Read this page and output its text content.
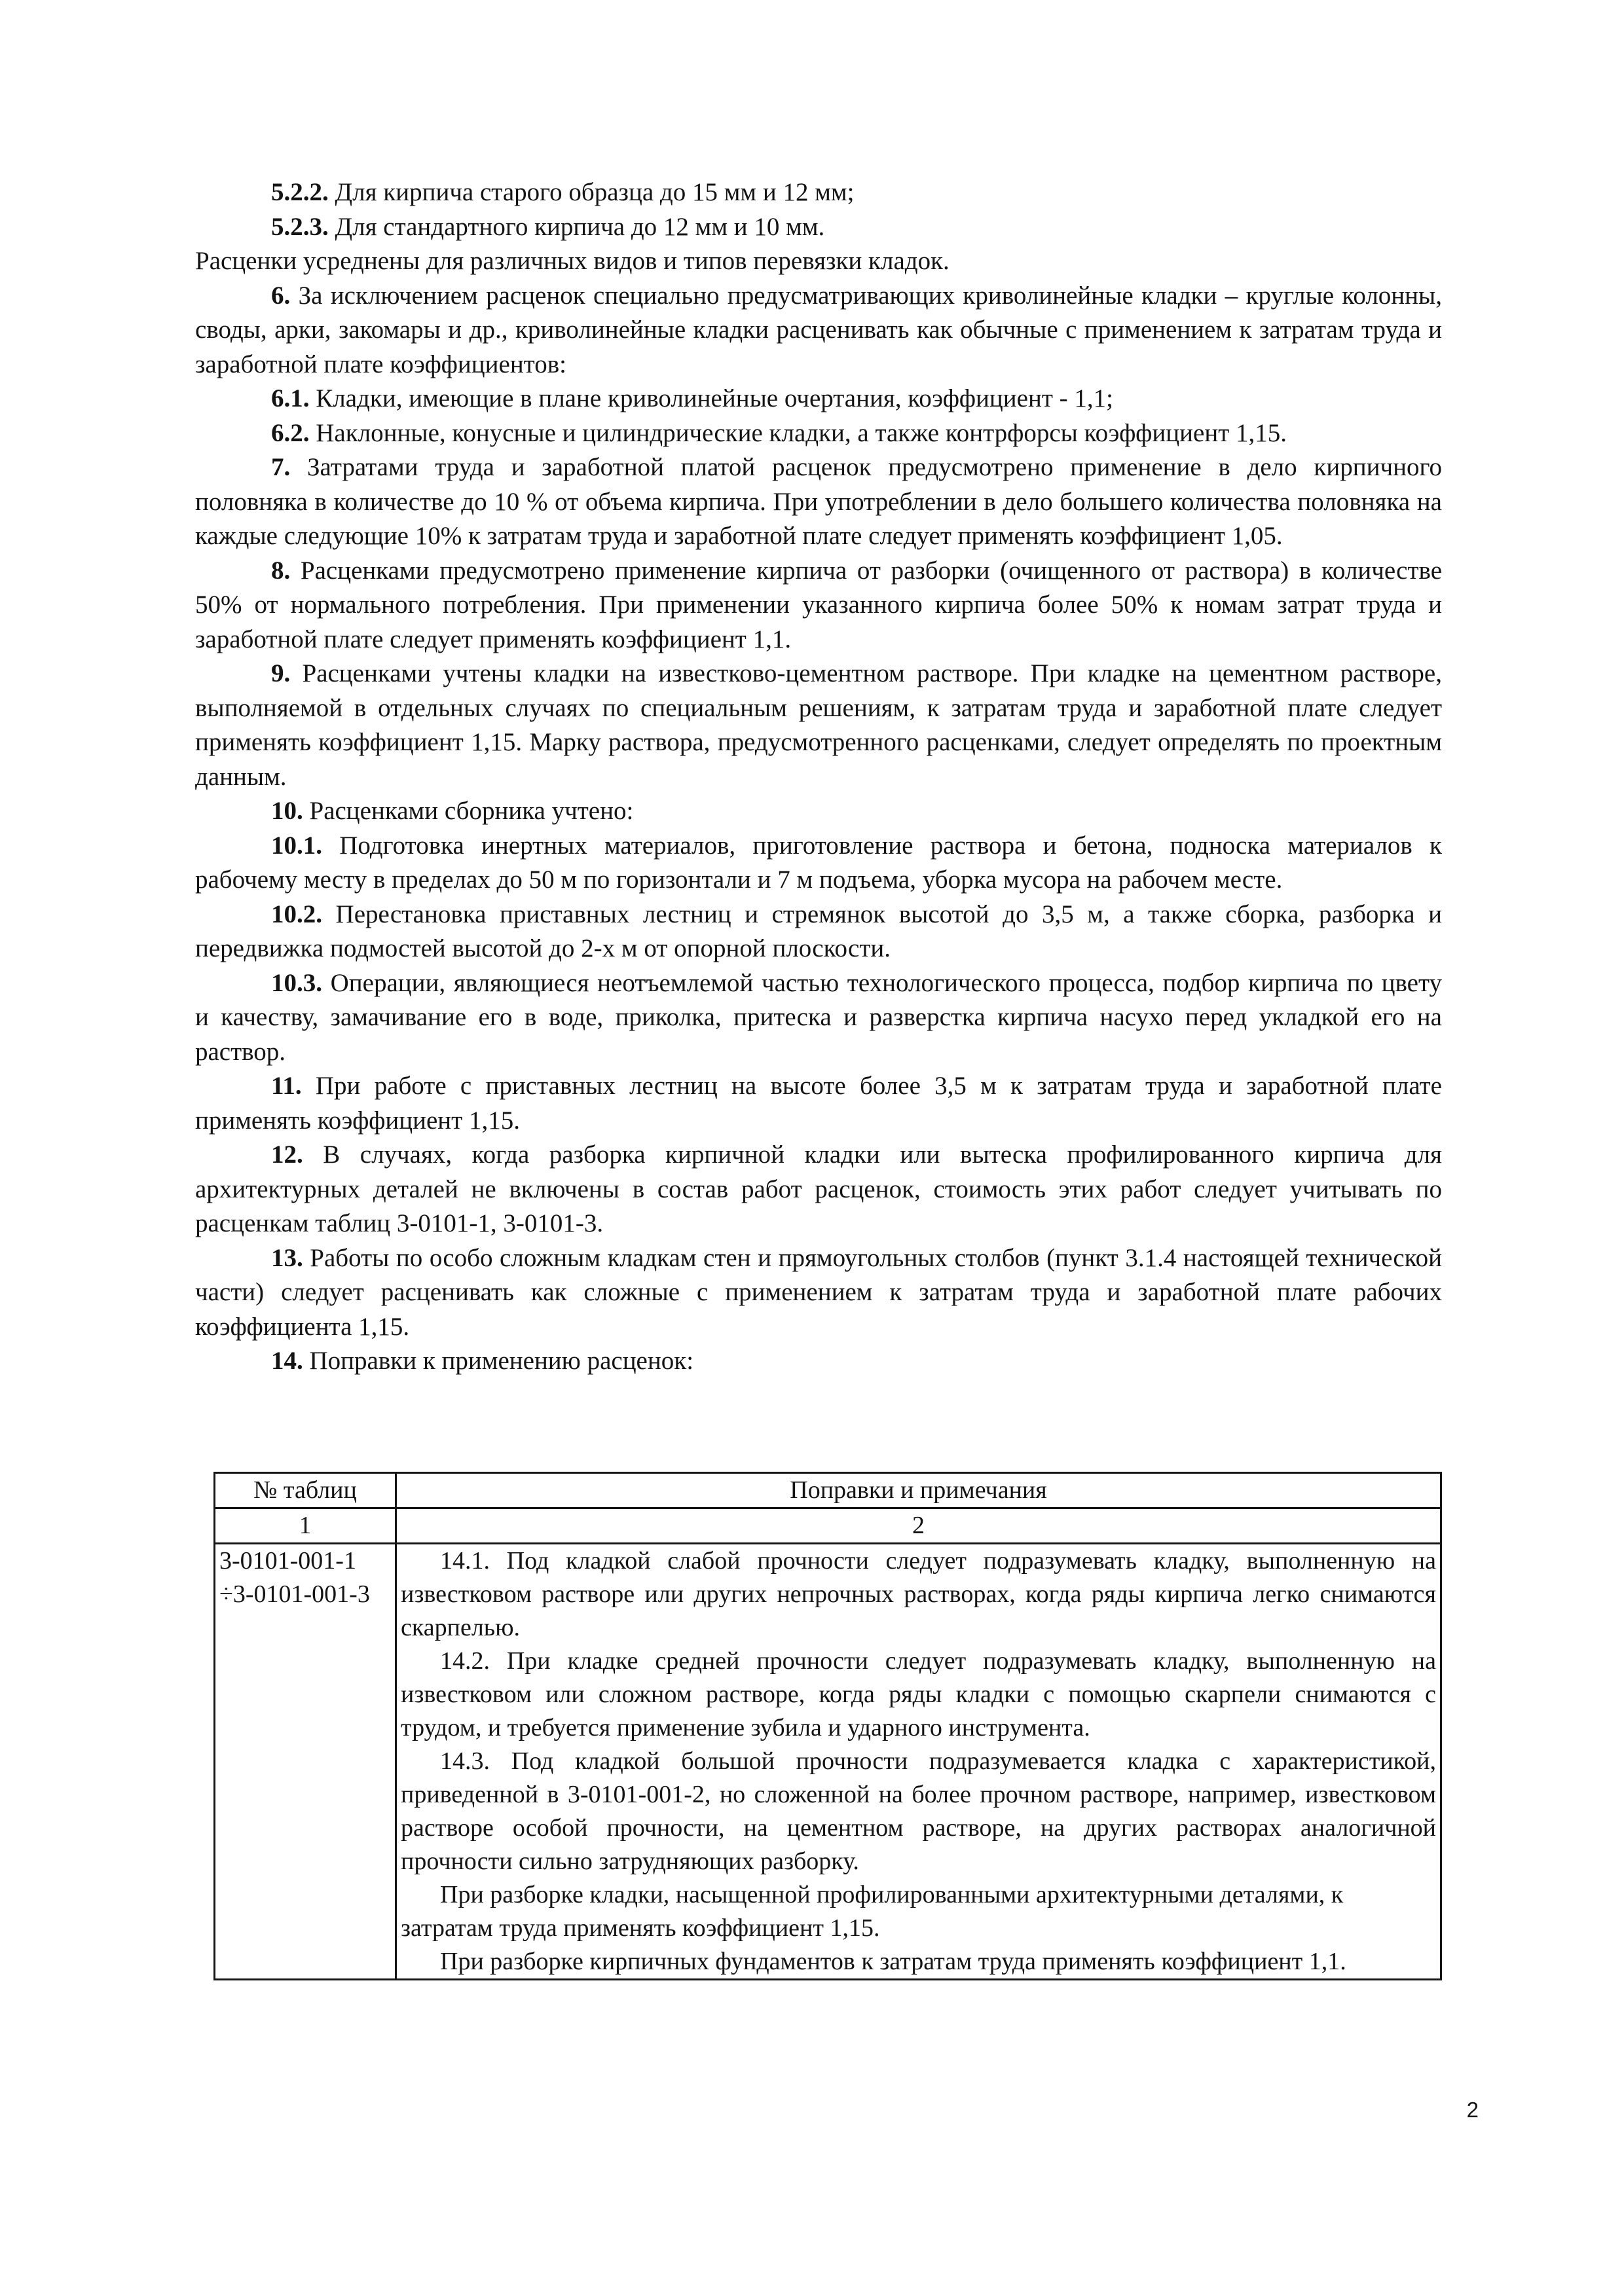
5.2.2. Для кирпича старого образца до 15 мм и 12 мм;

5.2.3. Для стандартного кирпича до 12 мм и 10 мм.

Расценки усреднены для различных видов и типов перевязки кладок.

6. За исключением расценок специально предусматривающих криволинейные кладки – круглые колонны, своды, арки, закомары и др., криволинейные кладки расценивать как обычные с применением к затратам труда и заработной плате коэффициентов:

6.1. Кладки, имеющие в плане криволинейные очертания, коэффициент - 1,1;

6.2. Наклонные, конусные и цилиндрические кладки, а также контрфорсы коэффициент 1,15.

7. Затратами труда и заработной платой расценок предусмотрено применение в дело кирпичного половняка в количестве до 10 % от объема кирпича. При употреблении в дело большего количества половняка на каждые следующие 10% к затратам труда и заработной плате следует применять коэффициент 1,05.

8. Расценками предусмотрено применение кирпича от разборки (очищенного от раствора) в количестве 50% от нормального потребления. При применении указанного кирпича более 50% к номам затрат труда и заработной плате следует применять коэффициент 1,1.

9. Расценками учтены кладки на известково-цементном растворе. При кладке на цементном растворе, выполняемой в отдельных случаях по специальным решениям, к затратам труда и заработной плате следует применять коэффициент 1,15. Марку раствора, предусмотренного расценками, следует определять по проектным данным.

10. Расценками сборника учтено:

10.1. Подготовка инертных материалов, приготовление раствора и бетона, подноска материалов к рабочему месту в пределах до 50 м по горизонтали и 7 м подъема, уборка мусора на рабочем месте.

10.2. Перестановка приставных лестниц и стремянок высотой до 3,5 м, а также сборка, разборка и передвижка подмостей высотой до 2-х м от опорной плоскости.

10.3. Операции, являющиеся неотъемлемой частью технологического процесса, подбор кирпича по цвету и качеству, замачивание его в воде, приколка, притеска и разверстка кирпича насухо перед укладкой его на раствор.

11. При работе с приставных лестниц на высоте более 3,5 м к затратам труда и заработной плате применять коэффициент 1,15.

12. В случаях, когда разборка кирпичной кладки или вытеска профилированного кирпича для архитектурных деталей не включены в состав работ расценок, стоимость этих работ следует учитывать по расценкам таблиц 3-0101-1, 3-0101-3.

13. Работы по особо сложным кладкам стен и прямоугольных столбов (пункт 3.1.4 настоящей технической части) следует расценивать как сложные с применением к затратам труда и заработной плате рабочих коэффициента 1,15.

14. Поправки к применению расценок:

№ таблиц	Поправки и примечания
1	2
3-0101-001-1 ÷3-0101-001-3	14.1. Под кладкой слабой прочности следует подразумевать кладку, выполненную на известковом растворе или других непрочных растворах, когда ряды кирпича легко снимаются скарпелью.

14.2. При кладке средней прочности следует подразумевать кладку, выполненную на известковом или сложном растворе, когда ряды кладки с помощью скарпели снимаются с трудом, и требуется применение зубила и ударного инструмента.

14.3. Под кладкой большой прочности подразумевается кладка с характеристикой, приведенной в 3-0101-001-2, но сложенной на более прочном растворе, например, известковом растворе особой прочности, на цементном растворе, на других растворах аналогичной прочности сильно затрудняющих разборку.

При разборке кладки, насыщенной профилированными архитектурными деталями, к затратам труда применять коэффициент 1,15.

При разборке кирпичных фундаментов к затратам труда применять коэффициент 1,1.

2
